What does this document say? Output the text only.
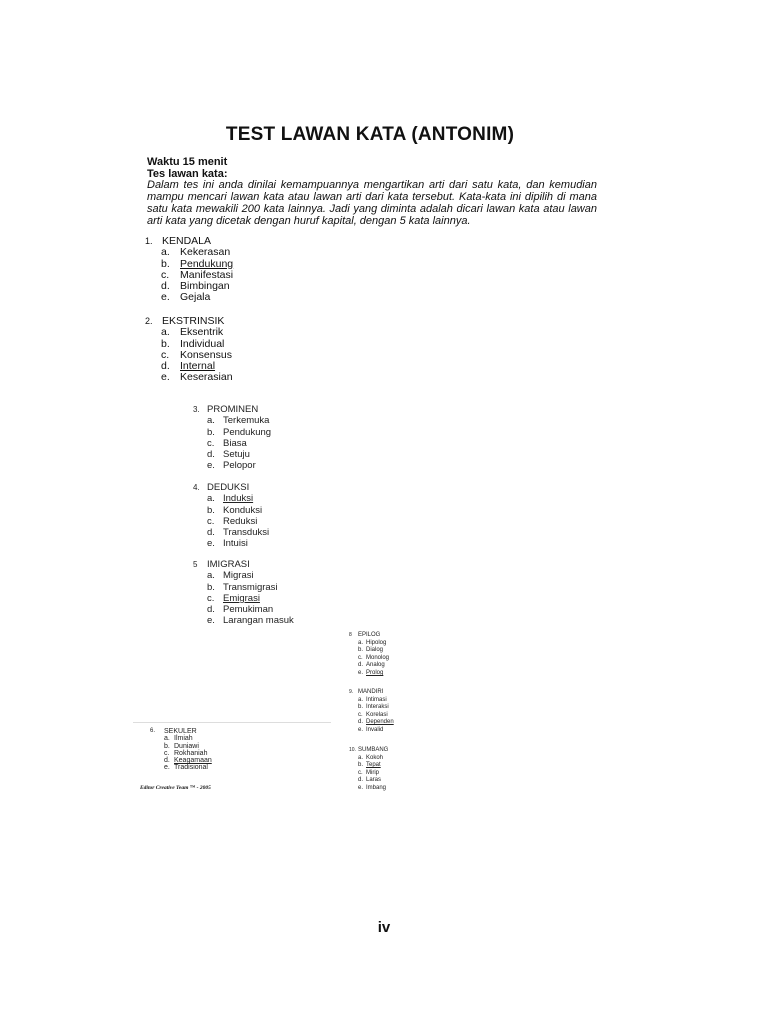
TEST LAWAN KATA (ANTONIM)
Waktu 15 menit
Tes lawan kata:
Dalam tes ini anda dinilai kemampuannya mengartikan arti dari satu kata, dan kemudian mampu mencari lawan kata atau lawan arti dari kata tersebut. Kata-kata ini dipilih di mana satu kata mewakili 200 kata lainnya. Jadi yang diminta adalah dicari lawan kata atau lawan arti kata yang dicetak dengan huruf kapital, dengan 5 kata lainnya.
1. KENDALA
a. Kekerasan
b. Pendukung
c.	Manifestasi
d. Bimbingan
e. Gejala
2. EKSTRINSIK
a. Eksentrik
b. Individual
c.	Konsensus
d. Internal
e. Keserasian
3. PROMINEN
a. Terkemuka
b. Pendukung
c. Biasa
d. Setuju
e. Pelopor
4. DEDUKSI
a. Induksi
b. Konduksi
c. Reduksi
d. Transduksi
e. Intuisi
5	IMIGRASI
a. Migrasi
b. Transmigrasi
c. Emigrasi
d. Pemukiman
e. Larangan masuk
8	EPILOG
a. Hipolog
b. Dialog
c. Monolog
d. Analog
e. Prolog
9. MANDIRI
a. Intimasi
b. Interaksi
c. Korelasi
d. Dependen
e. Invalid
10. SUMBANG
a. Kokoh
b. Tepat
c. Mirip
d. Laras
e. Imbang
6.	SEKULER
a. Ilmiah
b. Duniawi
c. Rokhaniah
d. Keagamaan
e. Tradisional
Editor Creative Team ™ - 2005
iv
